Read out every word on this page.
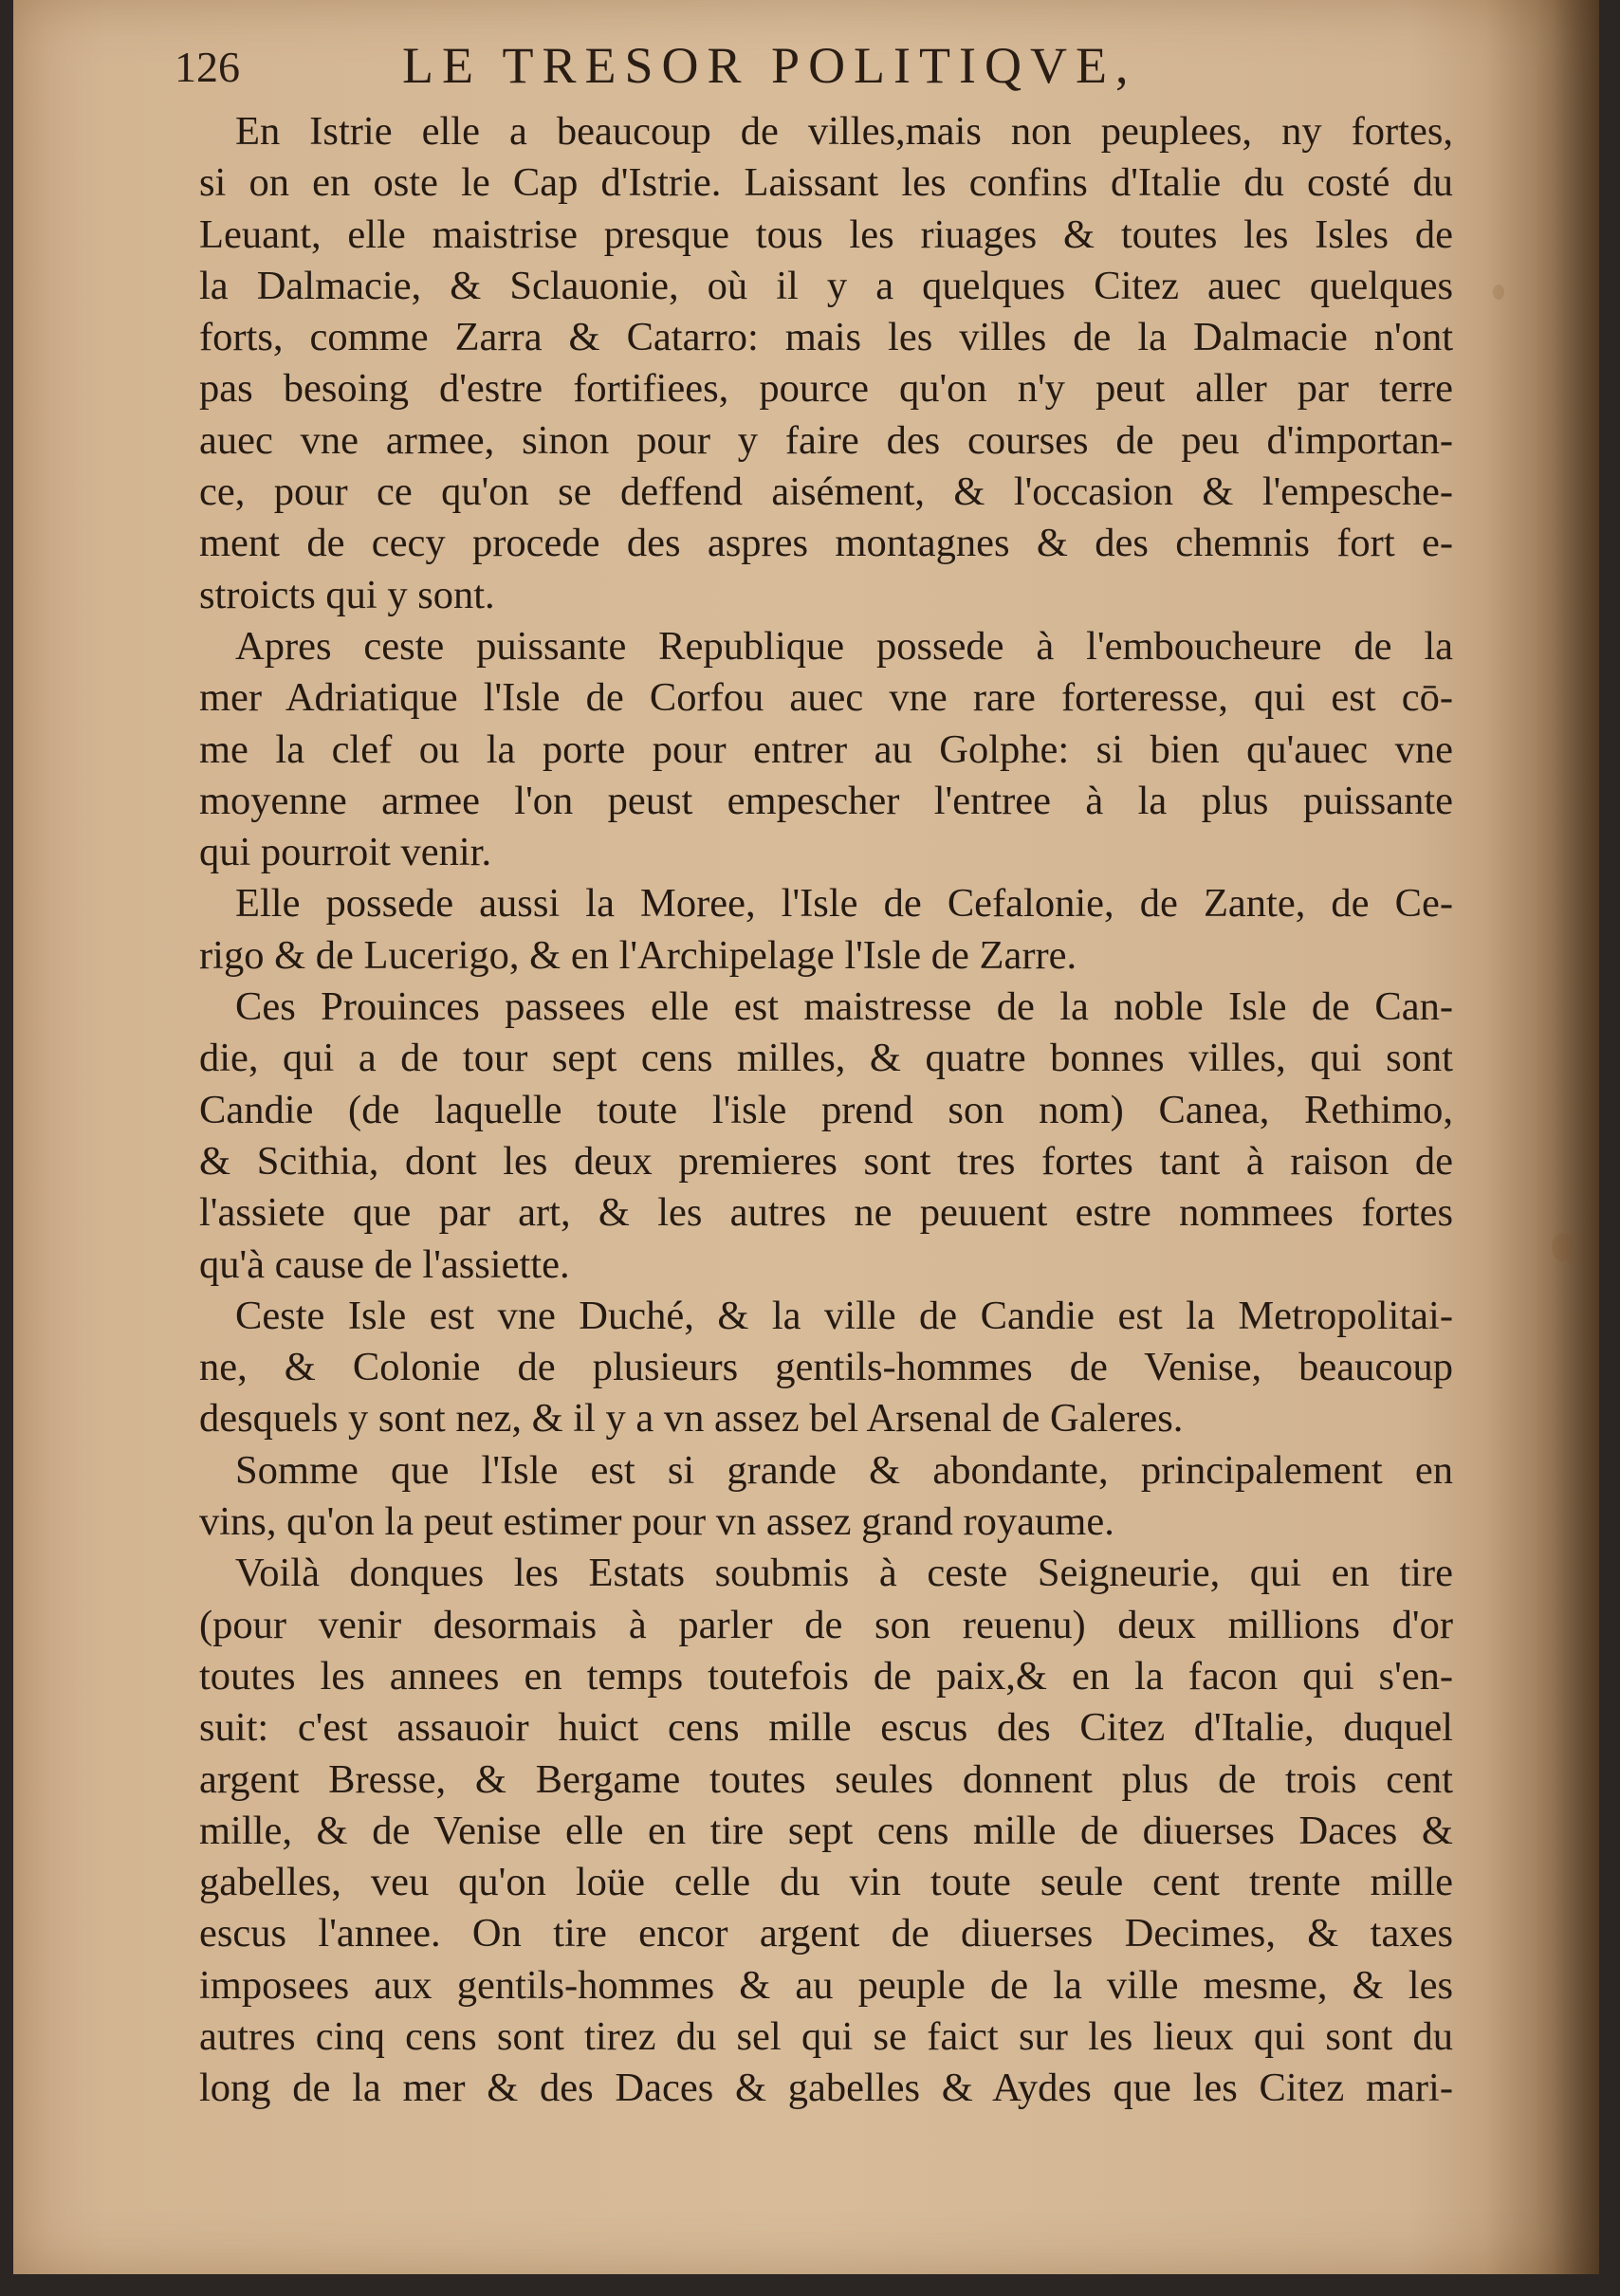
126	LE TRESOR POLITIQVE,
En Istrie elle a beaucoup de villes,mais non peuplees, ny fortes,
si on en oste le Cap d'Istrie. Laissant les confins d'Italie du costé du
Leuant, elle maistrise presque tous les riuages & toutes les Isles de
la Dalmacie, & Sclauonie, où il y a quelques Citez auec quelques
forts, comme Zarra & Catarro: mais les villes de la Dalmacie n'ont
pas besoing d'estre fortifiees, pource qu'on n'y peut aller par terre
auec vne armee, sinon pour y faire des courses de peu d'importan-
ce, pour ce qu'on se deffend aisément, & l'occasion & l'empesche-
ment de cecy procede des aspres montagnes & des chemnis fort e-
stroicts qui y sont.
Apres ceste puissante Republique possede à l'emboucheure de la
mer Adriatique l'Isle de Corfou auec vne rare forteresse, qui est cō-
me la clef ou la porte pour entrer au Golphe: si bien qu'auec vne
moyenne armee l'on peust empescher l'entree à la plus puissante
qui pourroit venir.
Elle possede aussi la Moree, l'Isle de Cefalonie, de Zante, de Ce-
rigo & de Lucerigo, & en l'Archipelage l'Isle de Zarre.
Ces Prouinces passees elle est maistresse de la noble Isle de Can-
die, qui a de tour sept cens milles, & quatre bonnes villes, qui sont
Candie (de laquelle toute l'isle prend son nom) Canea, Rethimo,
& Scithia, dont les deux premieres sont tres fortes tant à raison de
l'assiete que par art, & les autres ne peuuent estre nommees fortes
qu'à cause de l'assiette.
Ceste Isle est vne Duché, & la ville de Candie est la Metropolitai-
ne, & Colonie de plusieurs gentils-hommes de Venise, beaucoup
desquels y sont nez, & il y a vn assez bel Arsenal de Galeres.
Somme que l'Isle est si grande & abondante, principalement en
vins, qu'on la peut estimer pour vn assez grand royaume.
Voilà donques les Estats soubmis à ceste Seigneurie, qui en tire
(pour venir desormais à parler de son reuenu) deux millions d'or
toutes les annees en temps toutefois de paix,& en la facon qui s'en-
suit: c'est assauoir huict cens mille escus des Citez d'Italie, duquel
argent Bresse, & Bergame toutes seules donnent plus de trois cent
mille, & de Venise elle en tire sept cens mille de diuerses Daces &
gabelles, veu qu'on loüe celle du vin toute seule cent trente mille
escus l'annee. On tire encor argent de diuerses Decimes, & taxes
imposees aux gentils-hommes & au peuple de la ville mesme, & les
autres cinq cens sont tirez du sel qui se faict sur les lieux qui sont du
long de la mer & des Daces & gabelles & Aydes que les Citez mari-
